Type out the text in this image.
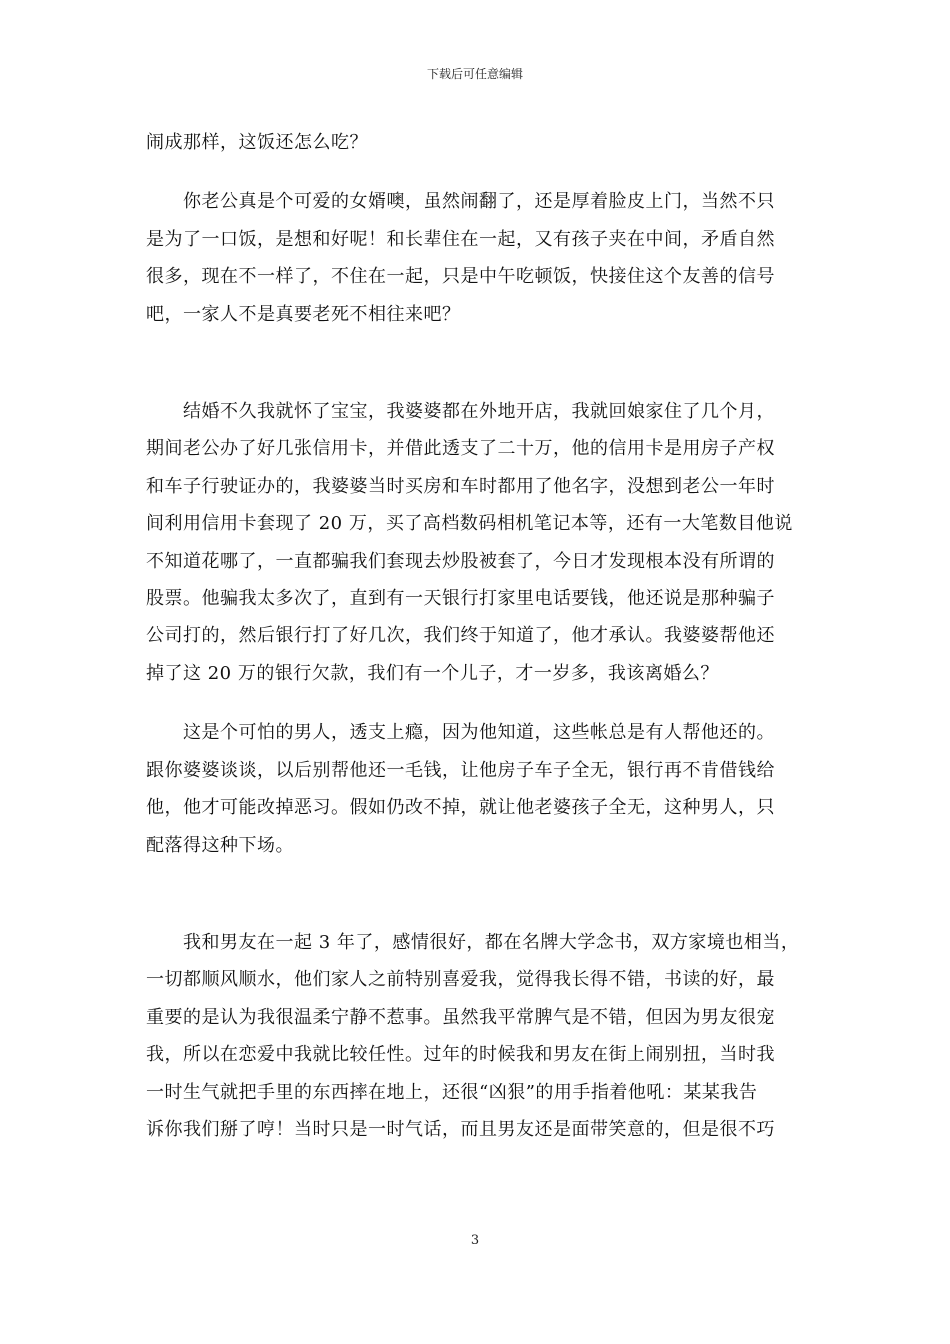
下载后可任意编辑

闹成那样，这饭还怎么吃？

你老公真是个可爱的女婿噢，虽然闹翻了，还是厚着脸皮上门，当然不只
是为了一口饭，是想和好呢！和长辈住在一起，又有孩子夹在中间，矛盾自然
很多，现在不一样了，不住在一起，只是中午吃顿饭，快接住这个友善的信号
吧，一家人不是真要老死不相往来吧？

结婚不久我就怀了宝宝，我婆婆都在外地开店，我就回娘家住了几个月，
期间老公办了好几张信用卡，并借此透支了二十万，他的信用卡是用房子产权
和车子行驶证办的，我婆婆当时买房和车时都用了他名字，没想到老公一年时
间利用信用卡套现了 20 万，买了高档数码相机笔记本等，还有一大笔数目他说
不知道花哪了，一直都骗我们套现去炒股被套了，今日才发现根本没有所谓的
股票。他骗我太多次了，直到有一天银行打家里电话要钱，他还说是那种骗子
公司打的，然后银行打了好几次，我们终于知道了，他才承认。我婆婆帮他还
掉了这 20 万的银行欠款，我们有一个儿子，才一岁多，我该离婚么？

这是个可怕的男人，透支上瘾，因为他知道，这些帐总是有人帮他还的。
跟你婆婆谈谈，以后别帮他还一毛钱，让他房子车子全无，银行再不肯借钱给
他，他才可能改掉恶习。假如仍改不掉，就让他老婆孩子全无，这种男人，只
配落得这种下场。

我和男友在一起 3 年了，感情很好，都在名牌大学念书，双方家境也相当，
一切都顺风顺水，他们家人之前特别喜爱我，觉得我长得不错，书读的好，最
重要的是认为我很温柔宁静不惹事。虽然我平常脾气是不错，但因为男友很宠
我，所以在恋爱中我就比较任性。过年的时候我和男友在街上闹别扭，当时我
一时生气就把手里的东西摔在地上，还很“凶狠”的用手指着他吼：某某我告
诉你我们掰了哼！当时只是一时气话，而且男友还是面带笑意的，但是很不巧

3
